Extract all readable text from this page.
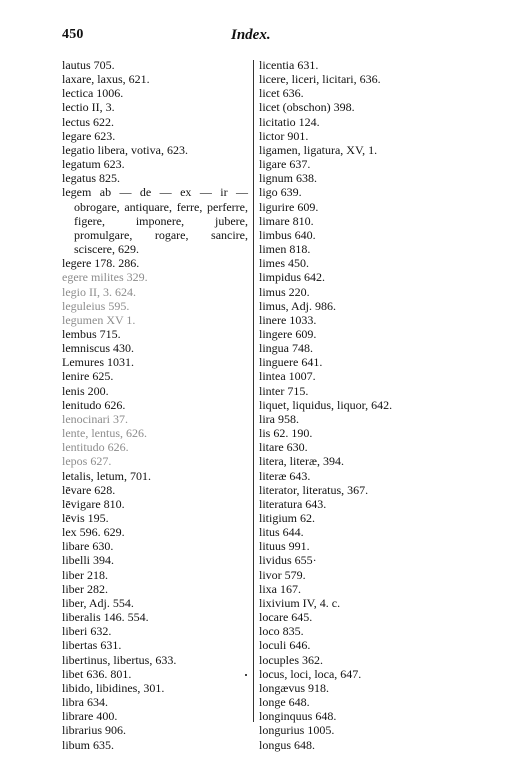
450	Index.
lautus 705.
laxare, laxus, 621.
lectica 1006.
lectio II, 3.
lectus 622.
legare 623.
legatio libera, votiva, 623.
legatum 623.
legatus 825.
legem ab — de — ex — ir — obrogare, antiquare, ferre, perferre, figere, imponere, jubere, promulgare, rogare, sancire, sciscere, 629.
legere 178. 286.
egere milites 329.
legio II, 3. 624.
leguleius 595.
legumen XV 1.
lembus 715.
lemniscus 430.
Lemures 1031.
lenire 625.
lenis 200.
lenitudo 626.
lenocinari 37.
lente, lentus, 626.
lentitudo 626.
lepos 627.
letalis, letum, 701.
lēvare 628.
lēvigare 810.
lēvis 195.
lex 596. 629.
libare 630.
libelli 394.
liber 218.
liber 282.
liber, Adj. 554.
liberalis 146. 554.
liberi 632.
libertas 631.
libertinus, libertus, 633.
libet 636. 801.
libido, libidines, 301.
libra 634.
librare 400.
librarius 906.
libum 635.
licentia 631.
licere, liceri, licitari, 636.
licet 636.
licet (obschon) 398.
licitatio 124.
lictor 901.
ligamen, ligatura, XV, 1.
ligare 637.
lignum 638.
ligo 639.
ligurire 609.
limare 810.
limbus 640.
limen 818.
limes 450.
limpidus 642.
limus 220.
limus, Adj. 986.
linere 1033.
lingere 609.
lingua 748.
linguere 641.
lintea 1007.
linter 715.
liquet, liquidus, liquor, 642.
lira 958.
lis 62. 190.
litare 630.
litera, literæ, 394.
literæ 643.
literator, literatus, 367.
literatura 643.
litigium 62.
litus 644.
lituus 991.
lividus 655·
livor 579.
lixa 167.
lixivium IV, 4. c.
locare 645.
loco 835.
loculi 646.
locuples 362.
locus, loci, loca, 647.
longævus 918.
longe 648.
longinquus 648.
longurius 1005.
longus 648.
